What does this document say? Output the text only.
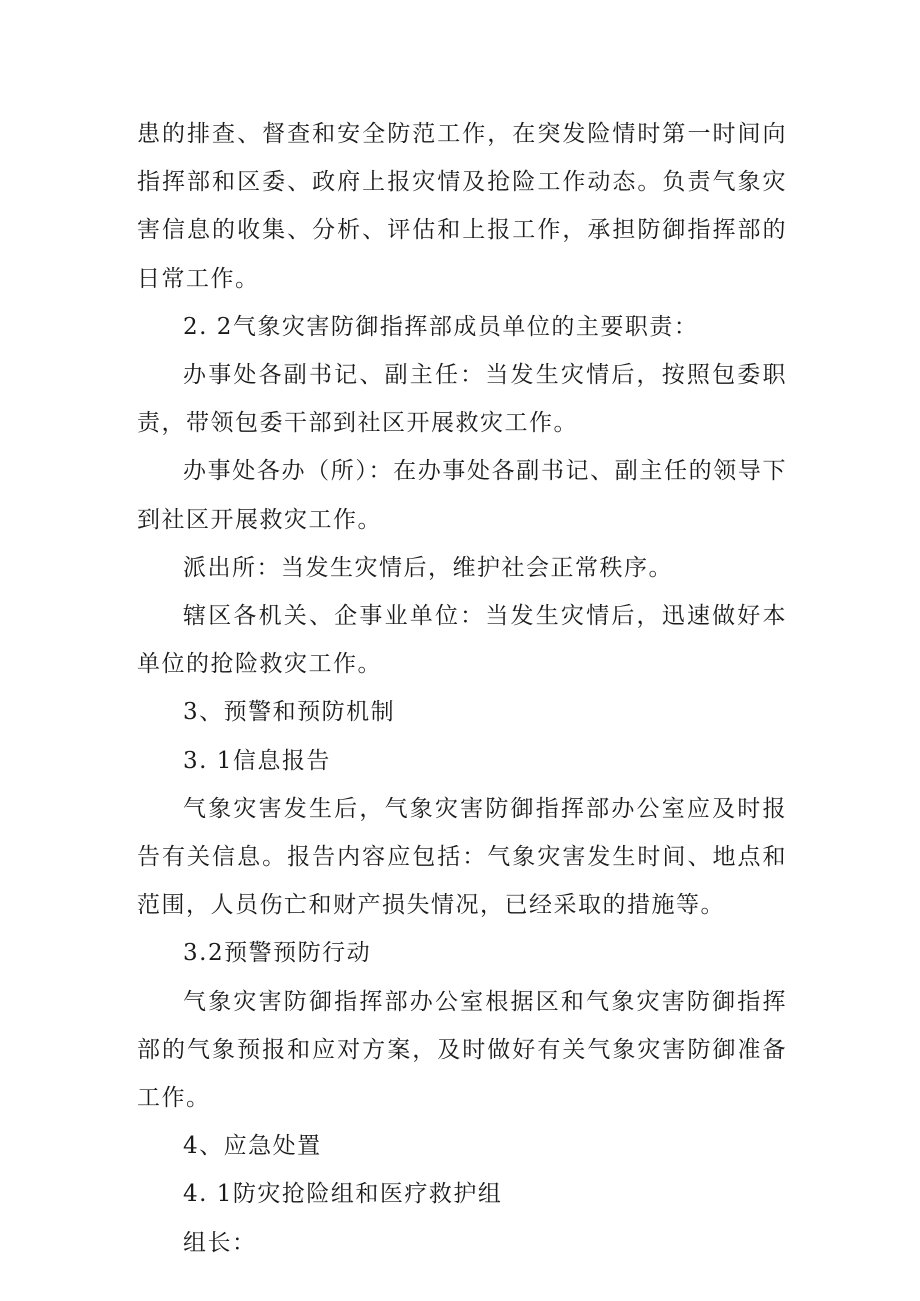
患的排查、督查和安全防范工作，在突发险情时第一时间向指挥部和区委、政府上报灾情及抢险工作动态。负责气象灾害信息的收集、分析、评估和上报工作，承担防御指挥部的日常工作。

2. 2气象灾害防御指挥部成员单位的主要职责：

办事处各副书记、副主任：当发生灾情后，按照包委职责，带领包委干部到社区开展救灾工作。

办事处各办（所）：在办事处各副书记、副主任的领导下到社区开展救灾工作。

派出所：当发生灾情后，维护社会正常秩序。

辖区各机关、企事业单位：当发生灾情后，迅速做好本单位的抢险救灾工作。

3、预警和预防机制

3. 1信息报告

气象灾害发生后，气象灾害防御指挥部办公室应及时报告有关信息。报告内容应包括：气象灾害发生时间、地点和范围，人员伤亡和财产损失情况，已经采取的措施等。

3.2预警预防行动

气象灾害防御指挥部办公室根据区和气象灾害防御指挥部的气象预报和应对方案，及时做好有关气象灾害防御准备工作。

4、应急处置

4. 1防灾抢险组和医疗救护组

组长：
